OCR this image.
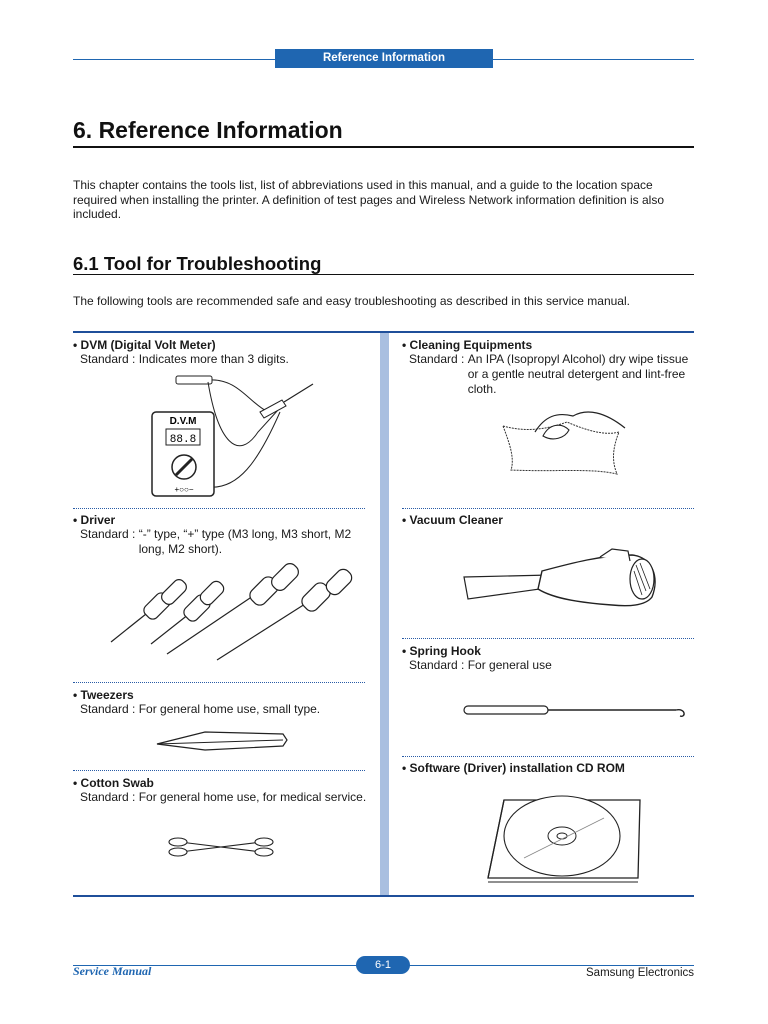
Reference Information
6. Reference Information
This chapter contains the tools list, list of abbreviations used in this manual, and a guide to the location space required when installing the printer. A definition of test pages and Wireless Network information definition is also included.
6.1 Tool for Troubleshooting
The following tools are recommended safe and easy troubleshooting as described in this service manual.
• DVM (Digital Volt Meter)
Standard : Indicates more than 3 digits.
D.V.M
88.8
+○○−
• Driver
Standard : “-” type, “+” type (M3 long, M3 short, M2 long, M2 short).
• Tweezers
Standard : For general home use, small type.
• Cotton Swab
Standard : For general home use, for medical service.
• Cleaning Equipments
Standard : An IPA (Isopropyl Alcohol) dry wipe tissue or a gentle neutral detergent and lint-free cloth.
• Vacuum Cleaner
• Spring Hook
Standard : For general use
• Software (Driver) installation CD ROM
Service Manual	6-1
Samsung Electronics
